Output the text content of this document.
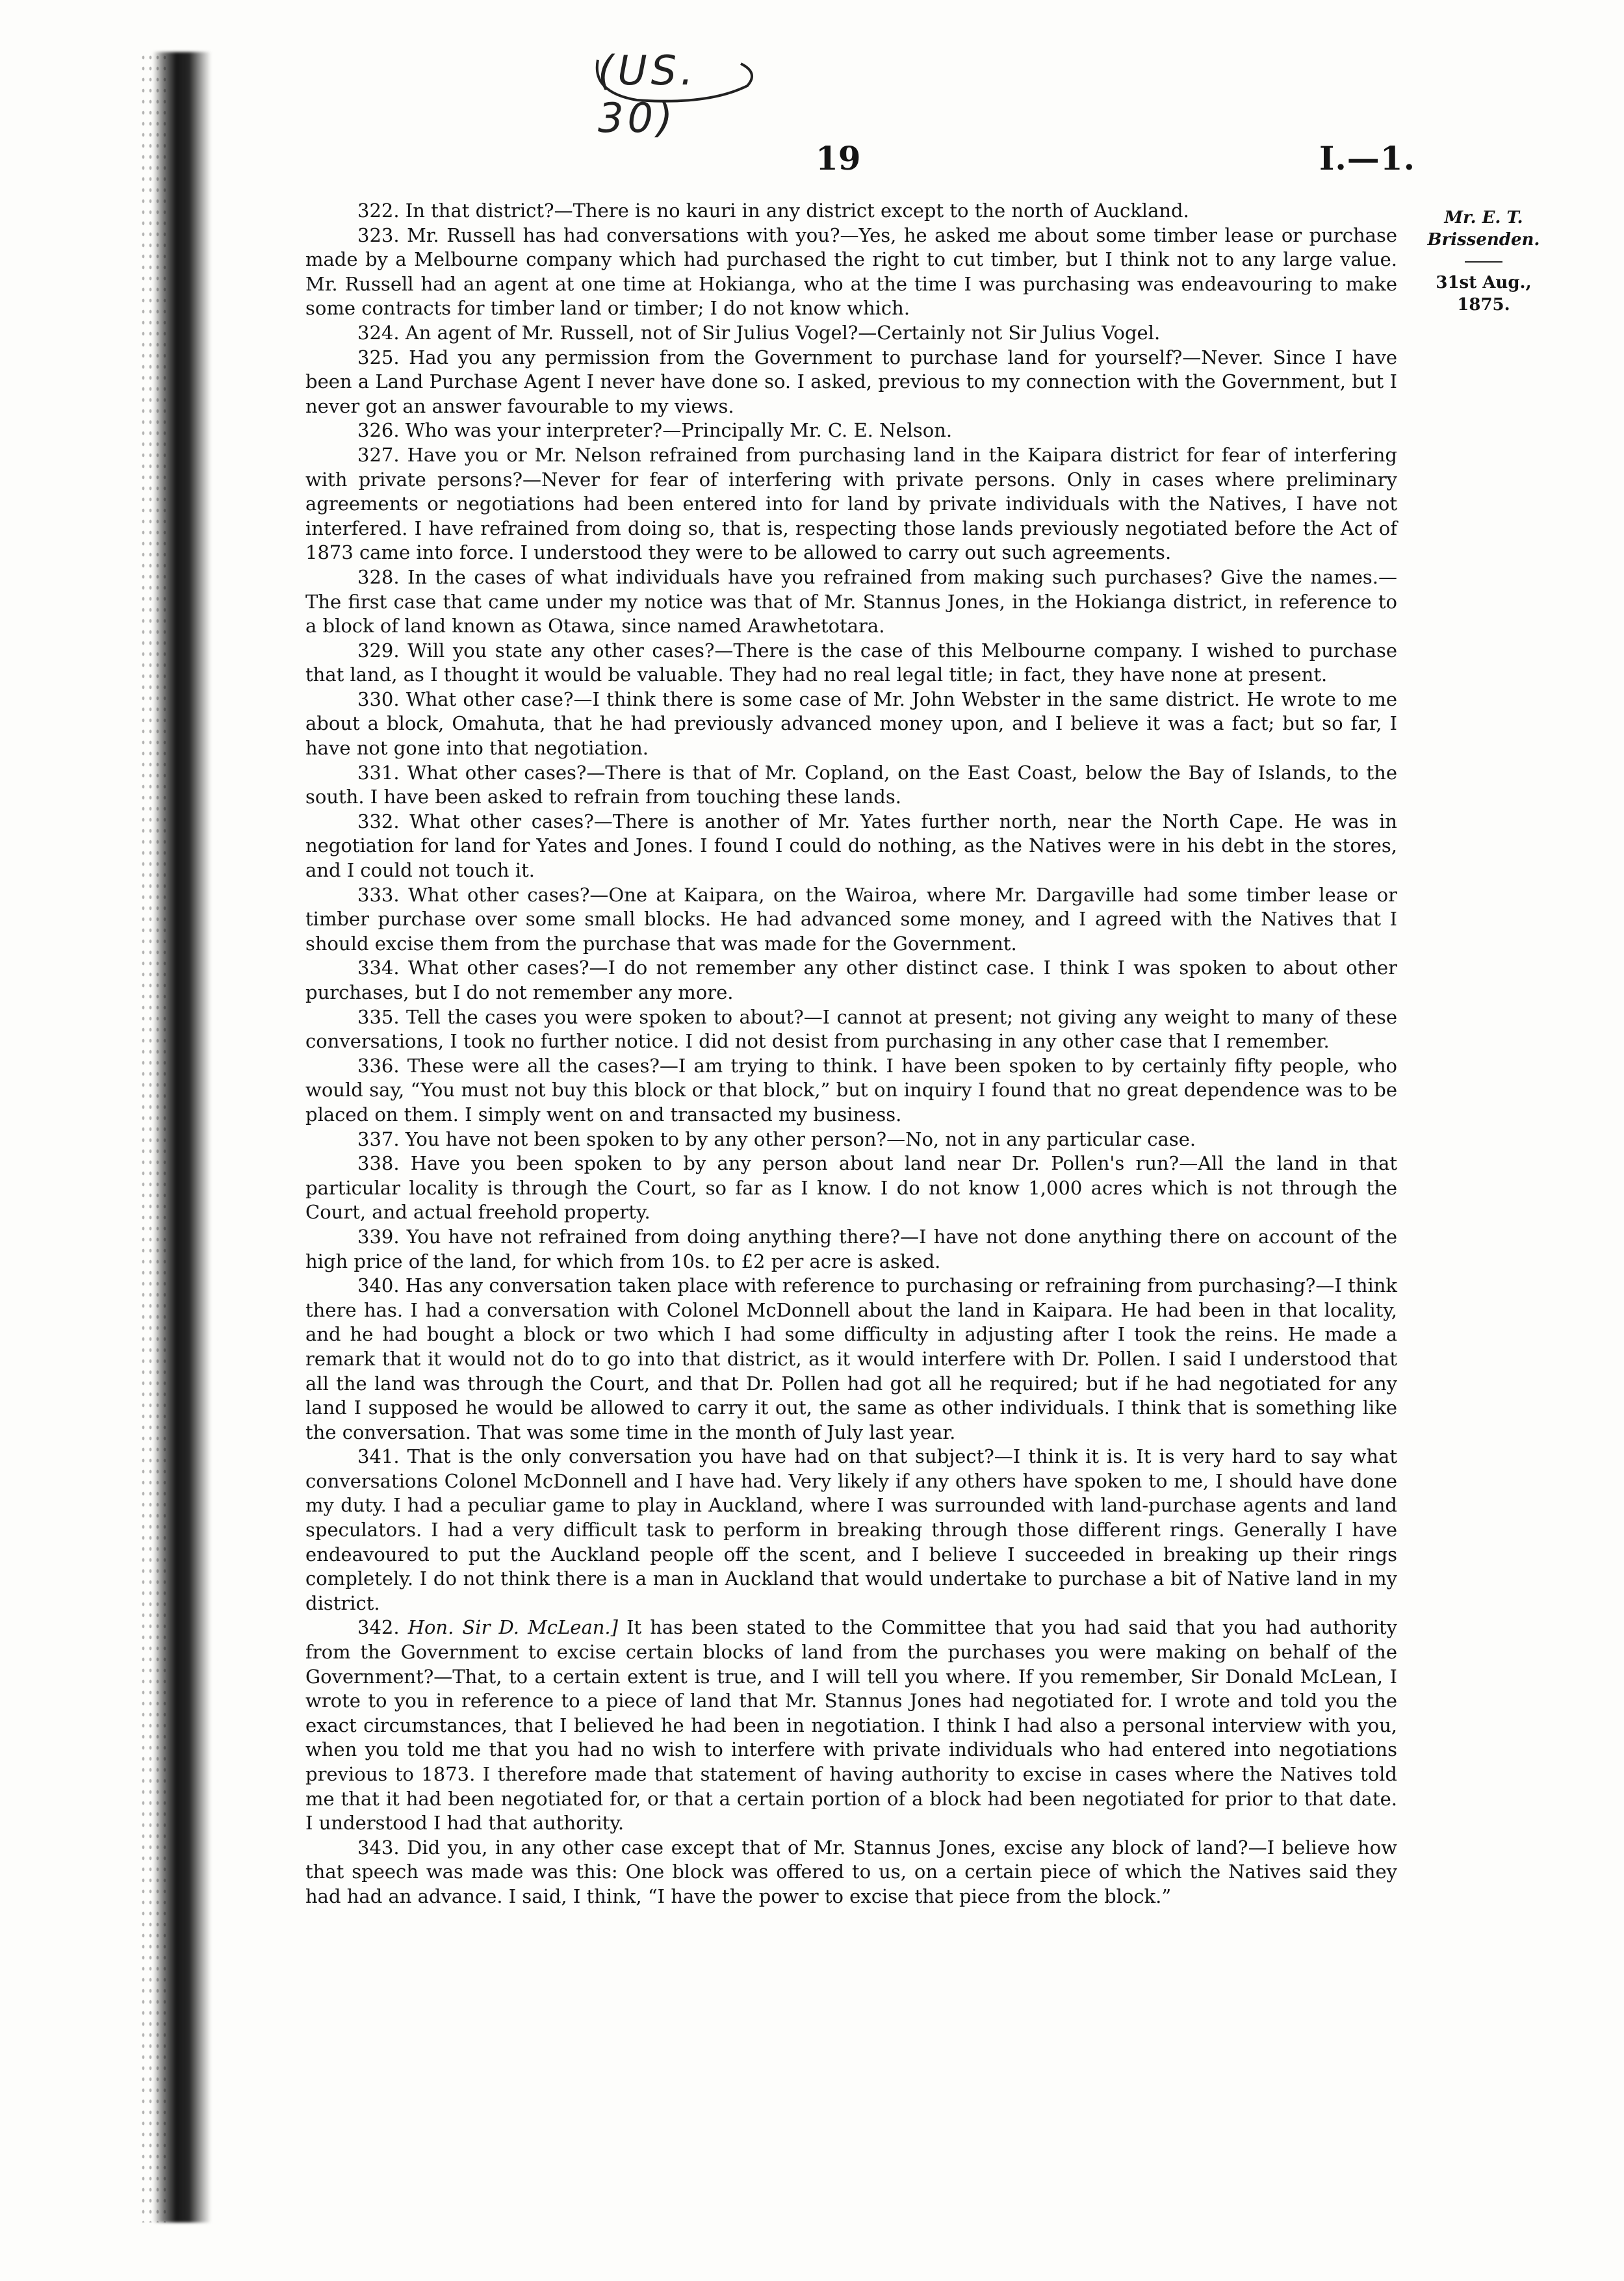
(US. 30)
19	I.—1.
Mr. E. T. Brissenden.
31st Aug., 1875.

322. In that district?—There is no kauri in any district except to the north of Auckland.

323. Mr. Russell has had conversations with you?—Yes, he asked me about some timber lease or purchase made by a Melbourne company which had purchased the right to cut timber, but I think not to any large value. Mr. Russell had an agent at one time at Hokianga, who at the time I was purchasing was endeavouring to make some contracts for timber land or timber; I do not know which.

324. An agent of Mr. Russell, not of Sir Julius Vogel?—Certainly not Sir Julius Vogel.

325. Had you any permission from the Government to purchase land for yourself?—Never. Since I have been a Land Purchase Agent I never have done so. I asked, previous to my connection with the Government, but I never got an answer favourable to my views.

326. Who was your interpreter?—Principally Mr. C. E. Nelson.

327. Have you or Mr. Nelson refrained from purchasing land in the Kaipara district for fear of interfering with private persons?—Never for fear of interfering with private persons. Only in cases where preliminary agreements or negotiations had been entered into for land by private individuals with the Natives, I have not interfered. I have refrained from doing so, that is, respecting those lands previously negotiated before the Act of 1873 came into force. I understood they were to be allowed to carry out such agreements.

328. In the cases of what individuals have you refrained from making such purchases? Give the names.—The first case that came under my notice was that of Mr. Stannus Jones, in the Hokianga district, in reference to a block of land known as Otawa, since named Arawhetotara.

329. Will you state any other cases?—There is the case of this Melbourne company. I wished to purchase that land, as I thought it would be valuable. They had no real legal title; in fact, they have none at present.

330. What other case?—I think there is some case of Mr. John Webster in the same district. He wrote to me about a block, Omahuta, that he had previously advanced money upon, and I believe it was a fact; but so far, I have not gone into that negotiation.

331. What other cases?—There is that of Mr. Copland, on the East Coast, below the Bay of Islands, to the south. I have been asked to refrain from touching these lands.

332. What other cases?—There is another of Mr. Yates further north, near the North Cape. He was in negotiation for land for Yates and Jones. I found I could do nothing, as the Natives were in his debt in the stores, and I could not touch it.

333. What other cases?—One at Kaipara, on the Wairoa, where Mr. Dargaville had some timber lease or timber purchase over some small blocks. He had advanced some money, and I agreed with the Natives that I should excise them from the purchase that was made for the Government.

334. What other cases?—I do not remember any other distinct case. I think I was spoken to about other purchases, but I do not remember any more.

335. Tell the cases you were spoken to about?—I cannot at present; not giving any weight to many of these conversations, I took no further notice. I did not desist from purchasing in any other case that I remember.

336. These were all the cases?—I am trying to think. I have been spoken to by certainly fifty people, who would say, “You must not buy this block or that block,” but on inquiry I found that no great dependence was to be placed on them. I simply went on and transacted my business.

337. You have not been spoken to by any other person?—No, not in any particular case.

338. Have you been spoken to by any person about land near Dr. Pollen's run?—All the land in that particular locality is through the Court, so far as I know. I do not know 1,000 acres which is not through the Court, and actual freehold property.

339. You have not refrained from doing anything there?—I have not done anything there on account of the high price of the land, for which from 10s. to £2 per acre is asked.

340. Has any conversation taken place with reference to purchasing or refraining from purchasing?—I think there has. I had a conversation with Colonel McDonnell about the land in Kaipara. He had been in that locality, and he had bought a block or two which I had some difficulty in adjusting after I took the reins. He made a remark that it would not do to go into that district, as it would interfere with Dr. Pollen. I said I understood that all the land was through the Court, and that Dr. Pollen had got all he required; but if he had negotiated for any land I supposed he would be allowed to carry it out, the same as other individuals. I think that is something like the conversation. That was some time in the month of July last year.

341. That is the only conversation you have had on that subject?—I think it is. It is very hard to say what conversations Colonel McDonnell and I have had. Very likely if any others have spoken to me, I should have done my duty. I had a peculiar game to play in Auckland, where I was surrounded with land-purchase agents and land speculators. I had a very difficult task to perform in breaking through those different rings. Generally I have endeavoured to put the Auckland people off the scent, and I believe I succeeded in breaking up their rings completely. I do not think there is a man in Auckland that would undertake to purchase a bit of Native land in my district.

342. Hon. Sir D. McLean.] It has been stated to the Committee that you had said that you had authority from the Government to excise certain blocks of land from the purchases you were making on behalf of the Government?—That, to a certain extent is true, and I will tell you where. If you remember, Sir Donald McLean, I wrote to you in reference to a piece of land that Mr. Stannus Jones had negotiated for. I wrote and told you the exact circumstances, that I believed he had been in negotiation. I think I had also a personal interview with you, when you told me that you had no wish to interfere with private individuals who had entered into negotiations previous to 1873. I therefore made that statement of having authority to excise in cases where the Natives told me that it had been negotiated for, or that a certain portion of a block had been negotiated for prior to that date. I understood I had that authority.

343. Did you, in any other case except that of Mr. Stannus Jones, excise any block of land?—I believe how that speech was made was this: One block was offered to us, on a certain piece of which the Natives said they had had an advance. I said, I think, “I have the power to excise that piece from the block.”
